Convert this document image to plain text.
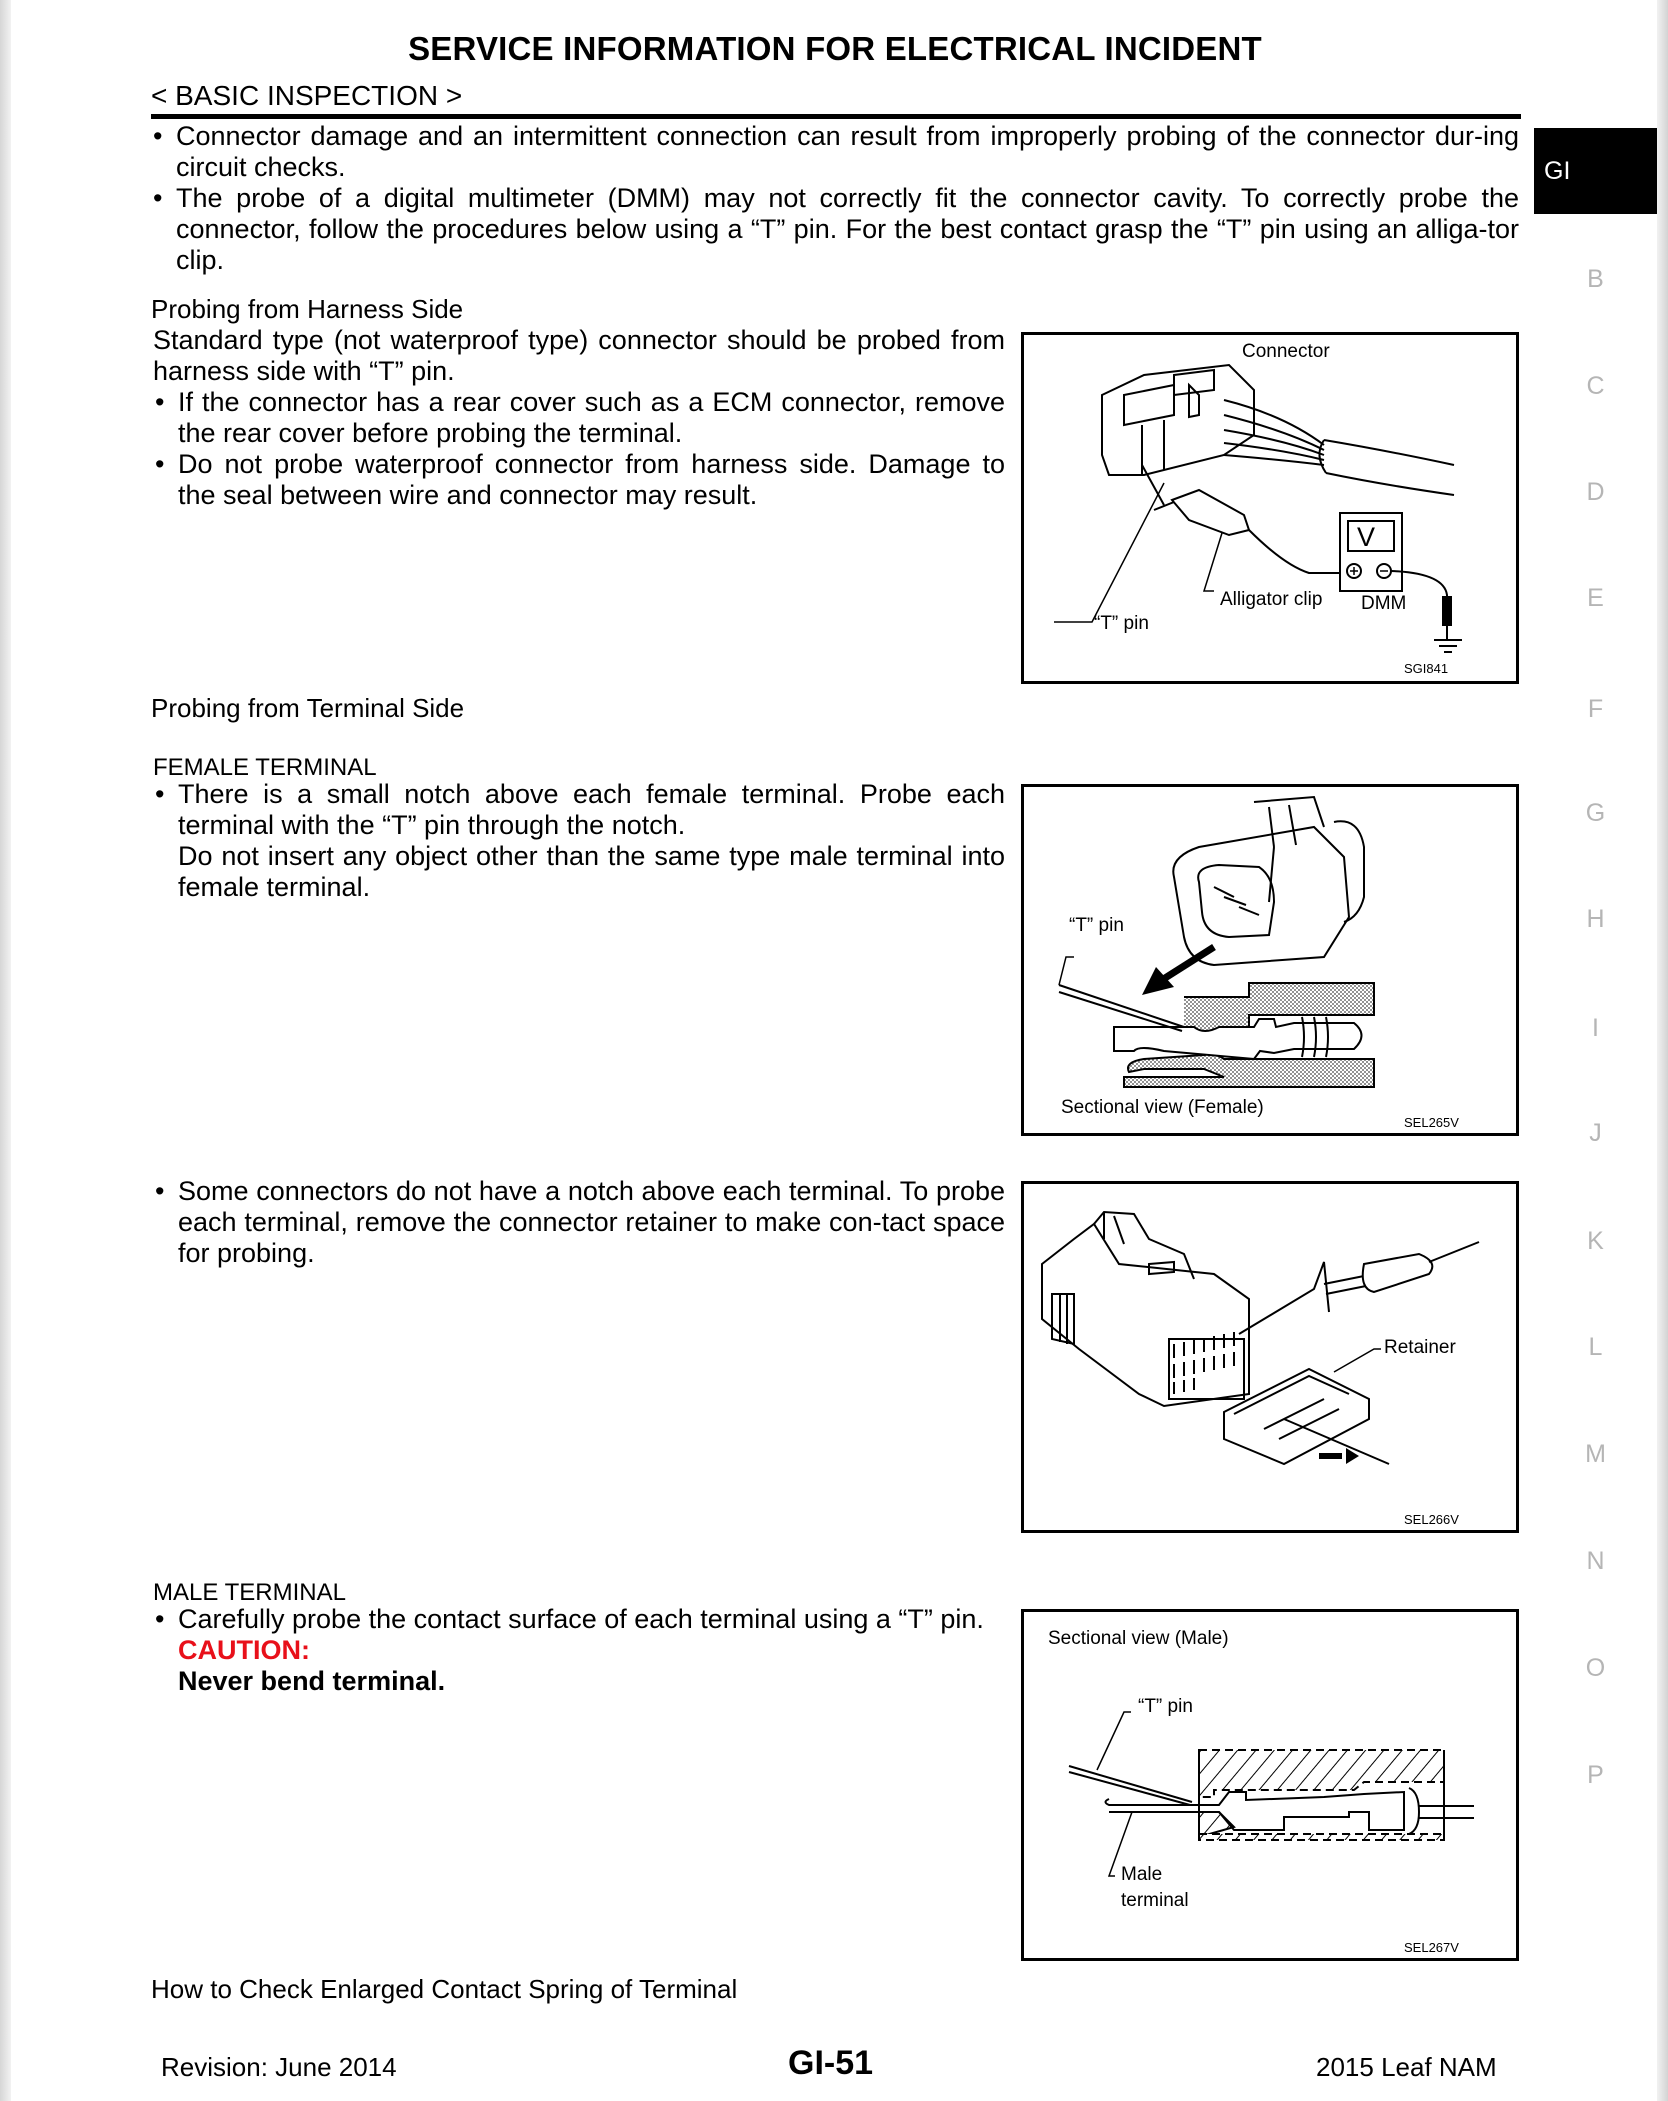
SERVICE INFORMATION FOR ELECTRICAL INCIDENT
< BASIC INSPECTION >
• Connector damage and an intermittent connection can result from improperly probing of the connector dur-ing circuit checks.
• The probe of a digital multimeter (DMM) may not correctly fit the connector cavity. To correctly probe the connector, follow the procedures below using a “T” pin. For the best contact grasp the “T” pin using an alliga-tor clip.
Probing from Harness Side
Standard type (not waterproof type) connector should be probed from harness side with “T” pin.
• If the connector has a rear cover such as a ECM connector, remove the rear cover before probing the terminal.
• Do not probe waterproof connector from harness side. Damage to the seal between wire and connector may result.
Connector
V
Alligator clip DMM
“T” pin
SGI841
Probing from Terminal Side
FEMALE TERMINAL
• There is a small notch above each female terminal. Probe each terminal with the “T” pin through the notch.
Do not insert any object other than the same type male terminal into female terminal.
“T” pin
Sectional view (Female)
SEL265V
• Some connectors do not have a notch above each terminal. To probe each terminal, remove the connector retainer to make con-tact space for probing.
Retainer
SEL266V
MALE TERMINAL
• Carefully probe the contact surface of each terminal using a “T” pin.
CAUTION:
Never bend terminal.
Sectional view (Male)
“T” pin
Male
terminal
SEL267V
How to Check Enlarged Contact Spring of Terminal
GI
B
C
D
E
F
G
H
I
J
K
L
M
N
O
P
Revision: June 2014	GI-51	2015 Leaf NAM
